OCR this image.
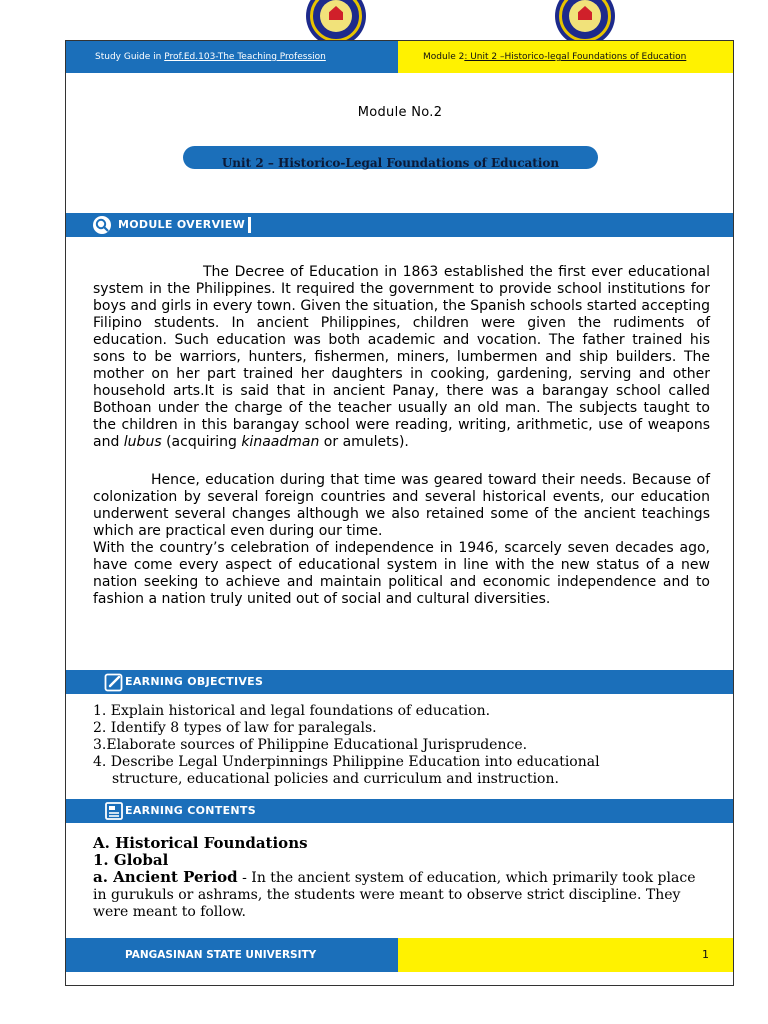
Study Guide in Prof.Ed.103-The Teaching Profession	Module 2: Unit 2 –Historico-legal Foundations of Education
Module No.2
Unit 2 – Historico-Legal Foundations of Education
MODULE OVERVIEW

The Decree of Education in 1863 established the first ever educational system in the Philippines. It required the government to provide school institutions for boys and girls in every town. Given the situation, the Spanish schools started accepting Filipino students. In ancient Philippines, children were given the rudiments of education. Such education was both academic and vocation. The father trained his sons to be warriors, hunters, fishermen, miners, lumbermen and ship builders. The mother on her part trained her daughters in cooking, gardening, serving and other household arts.It is said that in ancient Panay, there was a barangay school called Bothoan under the charge of the teacher usually an old man. The subjects taught to the children in this barangay school were reading, writing, arithmetic, use of weapons and lubus (acquiring kinaadman or amulets).

Hence, education during that time was geared toward their needs. Because of colonization by several foreign countries and several historical events, our education underwent several changes although we also retained some of the ancient teachings which are practical even during our time.

With the country’s celebration of independence in 1946, scarcely seven decades ago, have come every aspect of educational system in line with the new status of a new nation seeking to achieve and maintain political and economic independence and to fashion a nation truly united out of social and cultural diversities.

EARNING OBJECTIVES
1. Explain historical and legal foundations of education.
2. Identify 8 types of law for paralegals.
3.Elaborate sources of Philippine Educational Jurisprudence.
4. Describe Legal Underpinnings Philippine Education into educational
structure, educational policies and curriculum and instruction.
EARNING CONTENTS
A. Historical Foundations
1. Global
a. Ancient Period - In the ancient system of education, which primarily took place in gurukuls or ashrams, the students were meant to observe strict discipline. They were meant to follow.
PANGASINAN STATE UNIVERSITY	1
